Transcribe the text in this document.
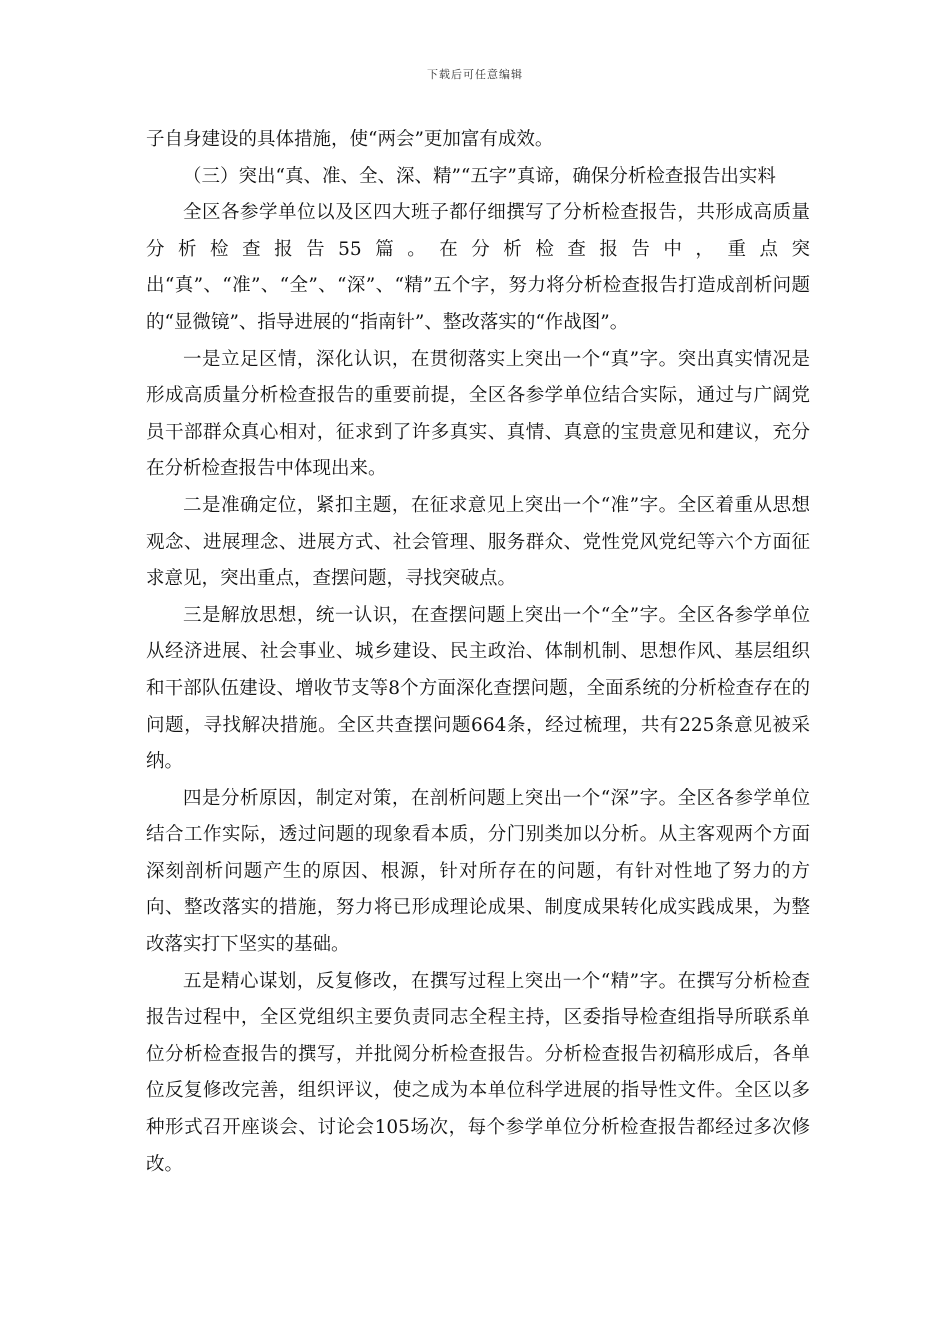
下载后可任意编辑

子自身建设的具体措施，使“两会”更加富有成效。

（三）突出“真、准、全、深、精”“五字”真谛，确保分析检查报告出实料

全区各参学单位以及区四大班子都仔细撰写了分析检查报告，共形成高质量分析检查报告55篇。在分析检查报告中，重点突出“真”、“准”、“全”、“深”、“精”五个字，努力将分析检查报告打造成剖析问题的“显微镜”、指导进展的“指南针”、整改落实的“作战图”。

一是立足区情，深化认识，在贯彻落实上突出一个“真”字。突出真实情况是形成高质量分析检查报告的重要前提，全区各参学单位结合实际，通过与广阔党员干部群众真心相对，征求到了许多真实、真情、真意的宝贵意见和建议，充分在分析检查报告中体现出来。

二是准确定位，紧扣主题，在征求意见上突出一个“准”字。全区着重从思想观念、进展理念、进展方式、社会管理、服务群众、党性党风党纪等六个方面征求意见，突出重点，查摆问题，寻找突破点。

三是解放思想，统一认识，在查摆问题上突出一个“全”字。全区各参学单位从经济进展、社会事业、城乡建设、民主政治、体制机制、思想作风、基层组织和干部队伍建设、增收节支等8个方面深化查摆问题，全面系统的分析检查存在的问题，寻找解决措施。全区共查摆问题664条，经过梳理，共有225条意见被采纳。

四是分析原因，制定对策，在剖析问题上突出一个“深”字。全区各参学单位结合工作实际，透过问题的现象看本质，分门别类加以分析。从主客观两个方面深刻剖析问题产生的原因、根源，针对所存在的问题，有针对性地了努力的方向、整改落实的措施，努力将已形成理论成果、制度成果转化成实践成果，为整改落实打下坚实的基础。

五是精心谋划，反复修改，在撰写过程上突出一个“精”字。在撰写分析检查报告过程中，全区党组织主要负责同志全程主持，区委指导检查组指导所联系单位分析检查报告的撰写，并批阅分析检查报告。分析检查报告初稿形成后，各单位反复修改完善，组织评议，使之成为本单位科学进展的指导性文件。全区以多种形式召开座谈会、讨论会105场次，每个参学单位分析检查报告都经过多次修改。
